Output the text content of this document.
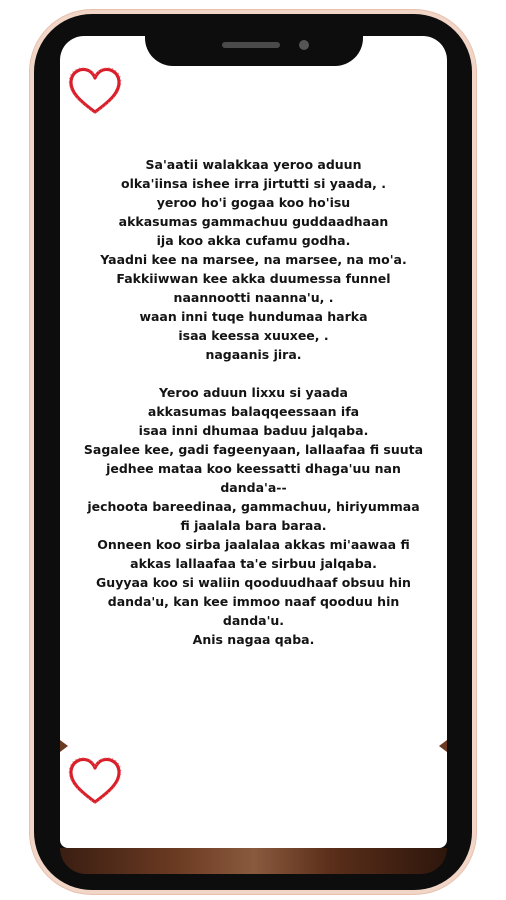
Sa'aatii walakkaa yeroo aduun
olka'iinsa ishee irra jirtutti si yaada, .
yeroo ho'i gogaa koo ho'isu
akkasumas gammachuu guddaadhaan
ija koo akka cufamu godha.
Yaadni kee na marsee, na marsee, na mo'a.
Fakkiiwwan kee akka duumessa funnel
naannootti naanna'u, .
waan inni tuqe hundumaa harka
isaa keessa xuuxee, .
nagaanis jira.
Yeroo aduun lixxu si yaada
akkasumas balaqqeessaan ifa
isaa inni dhumaa baduu jalqaba.
Sagalee kee, gadi fageenyaan, lallaafaa fi suuta
jedhee mataa koo keessatti dhaga'uu nan
danda'a--
jechoota bareedinaa, gammachuu, hiriyummaa
fi jaalala bara baraa.
Onneen koo sirba jaalalaa akkas mi'aawaa fi
akkas lallaafaa ta'e sirbuu jalqaba.
Guyyaa koo si waliin qooduudhaaf obsuu hin
danda'u, kan kee immoo naaf qooduu hin
danda'u.
Anis nagaa qaba.
